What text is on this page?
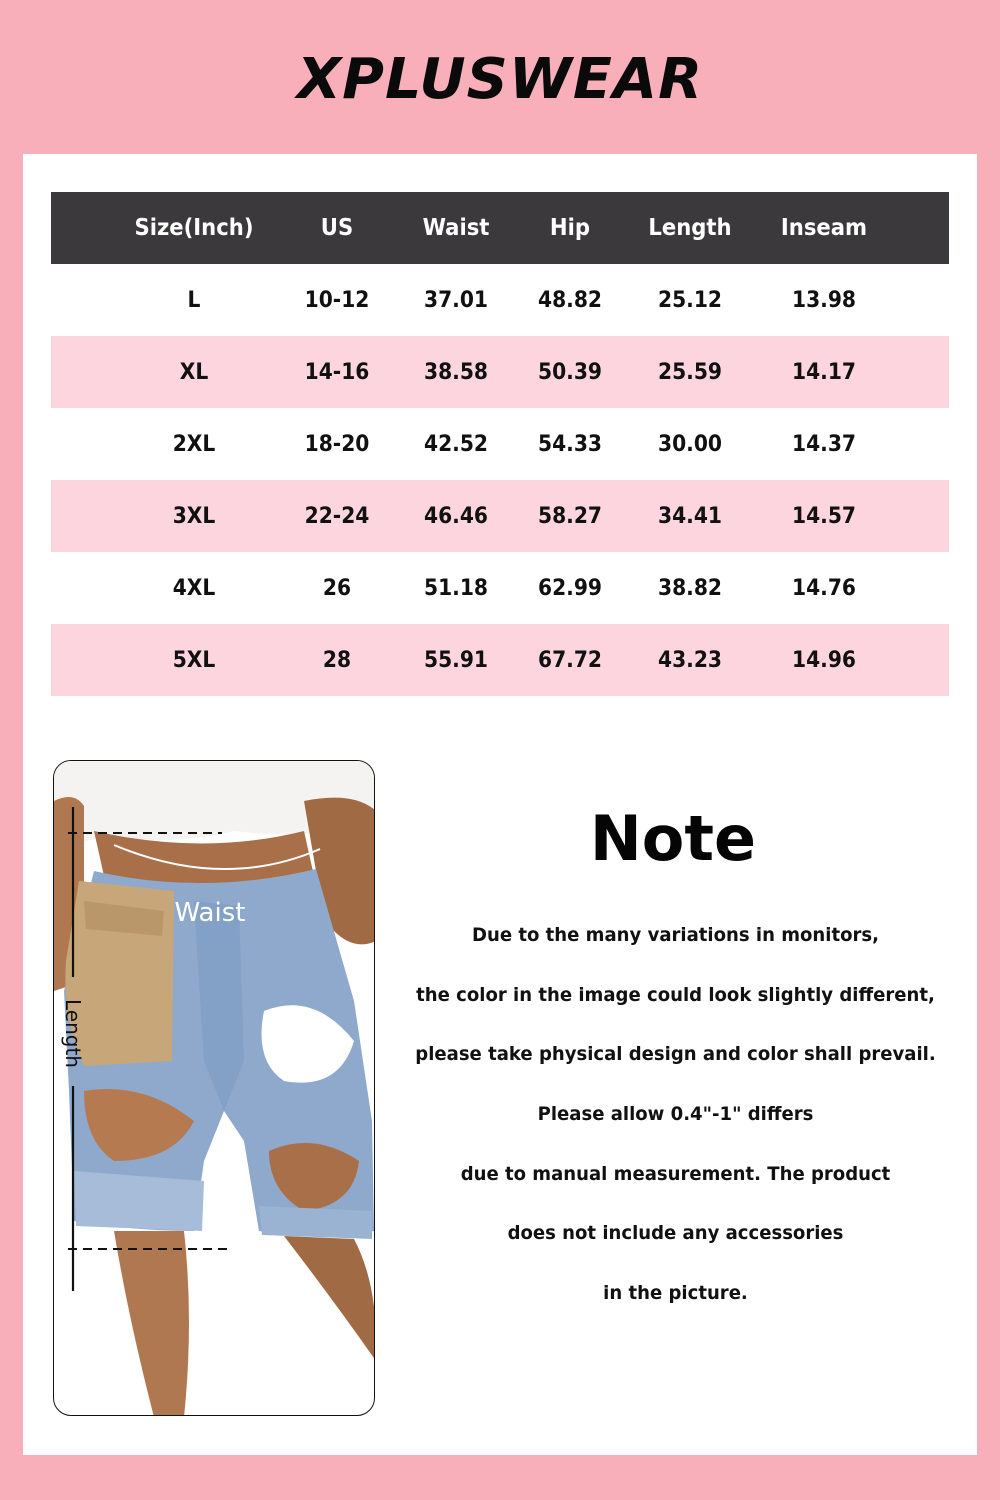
XPLUSWEAR
Size(Inch)	US	Waist	Hip	Length	Inseam
L	10-12	37.01	48.82	25.12	13.98
XL	14-16	38.58	50.39	25.59	14.17
2XL	18-20	42.52	54.33	30.00	14.37
3XL	22-24	46.46	58.27	34.41	14.57
4XL	26	51.18	62.99	38.82	14.76
5XL	28	55.91	67.72	43.23	14.96
Waist
Length
Note
Due to the many variations in monitors,
the color in the image could look slightly different,
please take physical design and color shall prevail.
Please allow 0.4"-1" differs
due to manual measurement. The product
does not include any accessories
in the picture.
